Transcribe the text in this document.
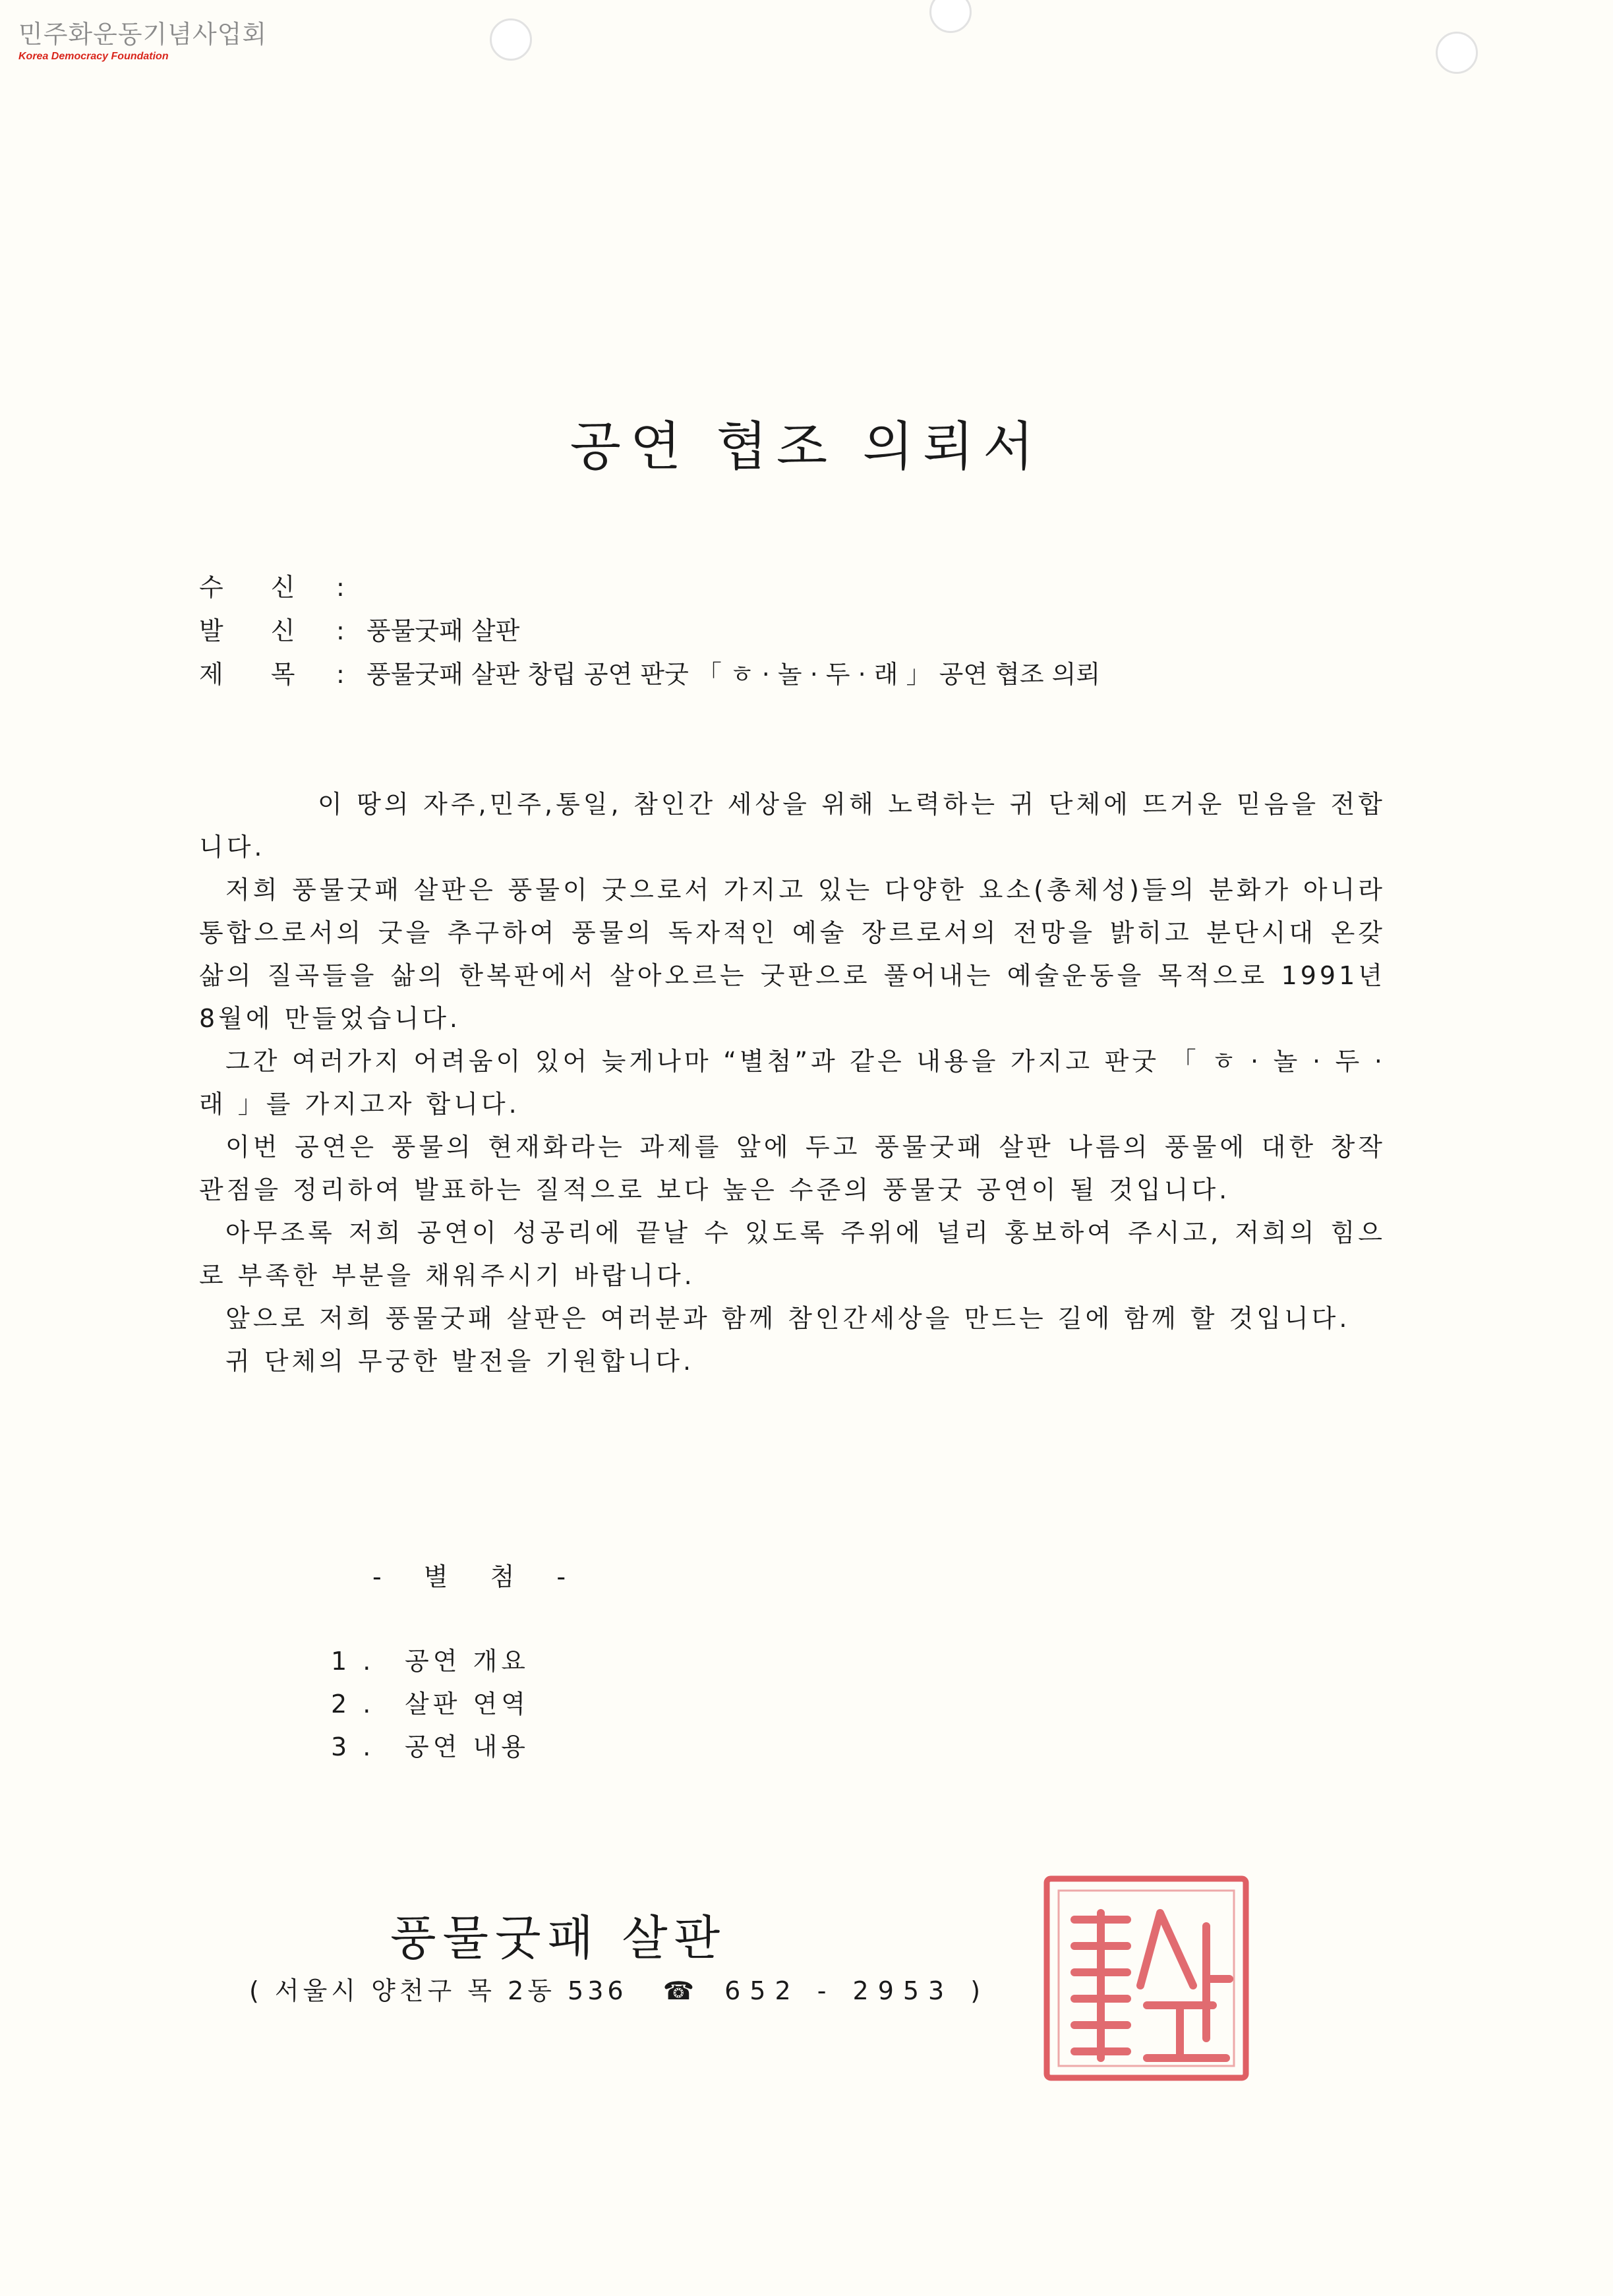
민주화운동기념사업회
Korea Democracy Foundation
공연 협조 의뢰서
수 신 :
발 신 : 풍물굿패 살판
제 목 : 풍물굿패 살판 창립 공연 판굿 「 ㅎ · 놀 · 두 · 래 」 공연 협조 의뢰

이 땅의 자주,민주,통일, 참인간 세상을 위해 노력하는 귀 단체에 뜨거운 믿음을 전합니다.

저희 풍물굿패 살판은 풍물이 굿으로서 가지고 있는 다양한 요소(총체성)들의 분화가 아니라 통합으로서의 굿을 추구하여 풍물의 독자적인 예술 장르로서의 전망을 밝히고 분단시대 온갖 삶의 질곡들을 삶의 한복판에서 살아오르는 굿판으로 풀어내는 예술운동을 목적으로 1991년 8월에 만들었습니다.

그간 여러가지 어려움이 있어 늦게나마 “별첨”과 같은 내용을 가지고 판굿 「 ㅎ · 놀 · 두 · 래 」를 가지고자 합니다.

이번 공연은 풍물의 현재화라는 과제를 앞에 두고 풍물굿패 살판 나름의 풍물에 대한 창작 관점을 정리하여 발표하는 질적으로 보다 높은 수준의 풍물굿 공연이 될 것입니다.

아무조록 저희 공연이 성공리에 끝날 수 있도록 주위에 널리 홍보하여 주시고, 저희의 힘으로 부족한 부분을 채워주시기 바랍니다.

앞으로 저희 풍물굿패 살판은 여러분과 함께 참인간세상을 만드는 길에 함께 할 것입니다.

귀 단체의 무궁한 발전을 기원합니다.

- 별 첨 -
1 .	공연 개요
2 .	살판 연역
3 .	공연 내용
풍물굿패 살판
( 서울시 양천구 목 2동 536 ☎ 652 - 2953 )
